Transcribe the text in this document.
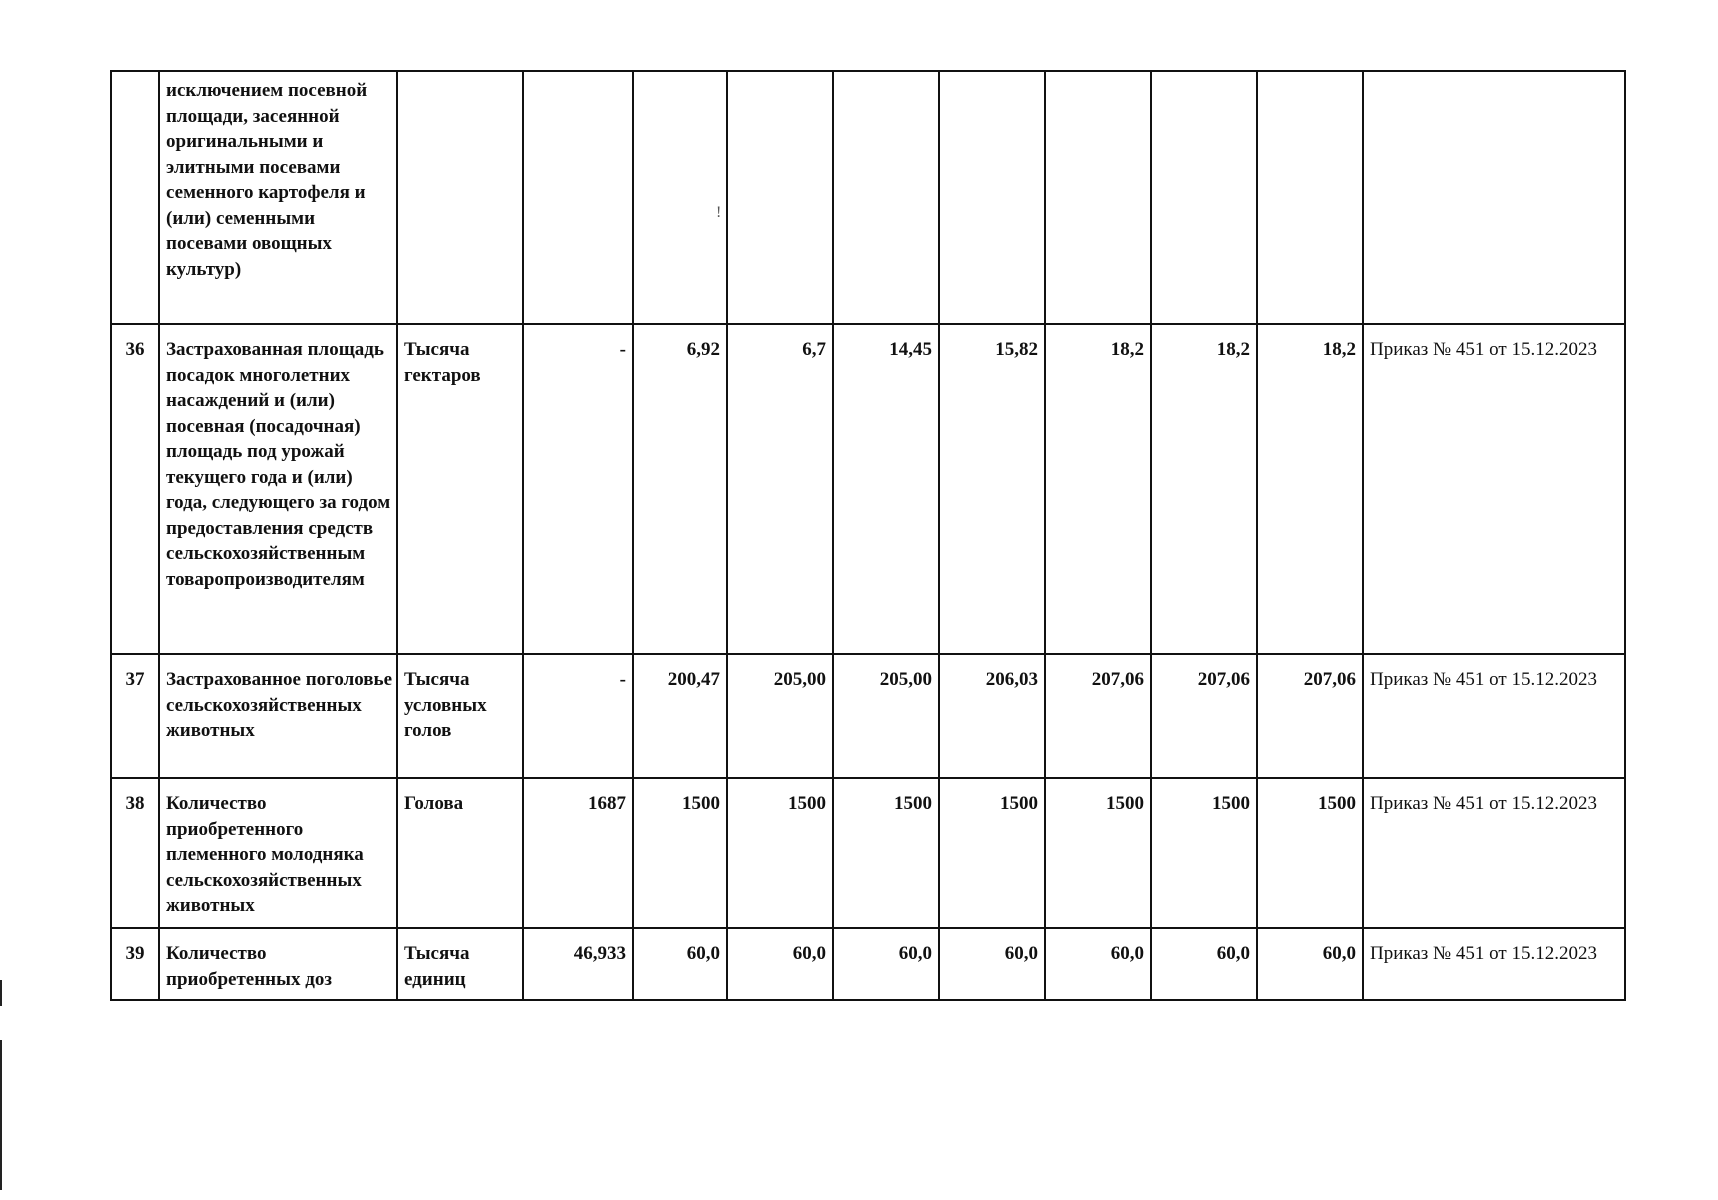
	исключением посевной площади, засеянной оригинальными и элитными посевами семенного картофеля и (или) семенными посевами овощных культур)										
36	Застрахованная площадь посадок многолетних насаждений и (или) посевная (посадочная) площадь под урожай текущего года и (или) года, следующего за годом предоставления средств сельскохозяйственным товаропроизводителям	Тысяча гектаров	-	6,92	6,7	14,45	15,82	18,2	18,2	18,2	Приказ № 451 от 15.12.2023
37	Застрахованное поголовье сельскохозяйственных животных	Тысяча условных голов	-	200,47	205,00	205,00	206,03	207,06	207,06	207,06	Приказ № 451 от 15.12.2023
38	Количество приобретенного племенного молодняка сельскохозяйственных животных	Голова	1687	1500	1500	1500	1500	1500	1500	1500	Приказ № 451 от 15.12.2023
39	Количество приобретенных доз	Тысяча единиц	46,933	60,0	60,0	60,0	60,0	60,0	60,0	60,0	Приказ № 451 от 15.12.2023
!
